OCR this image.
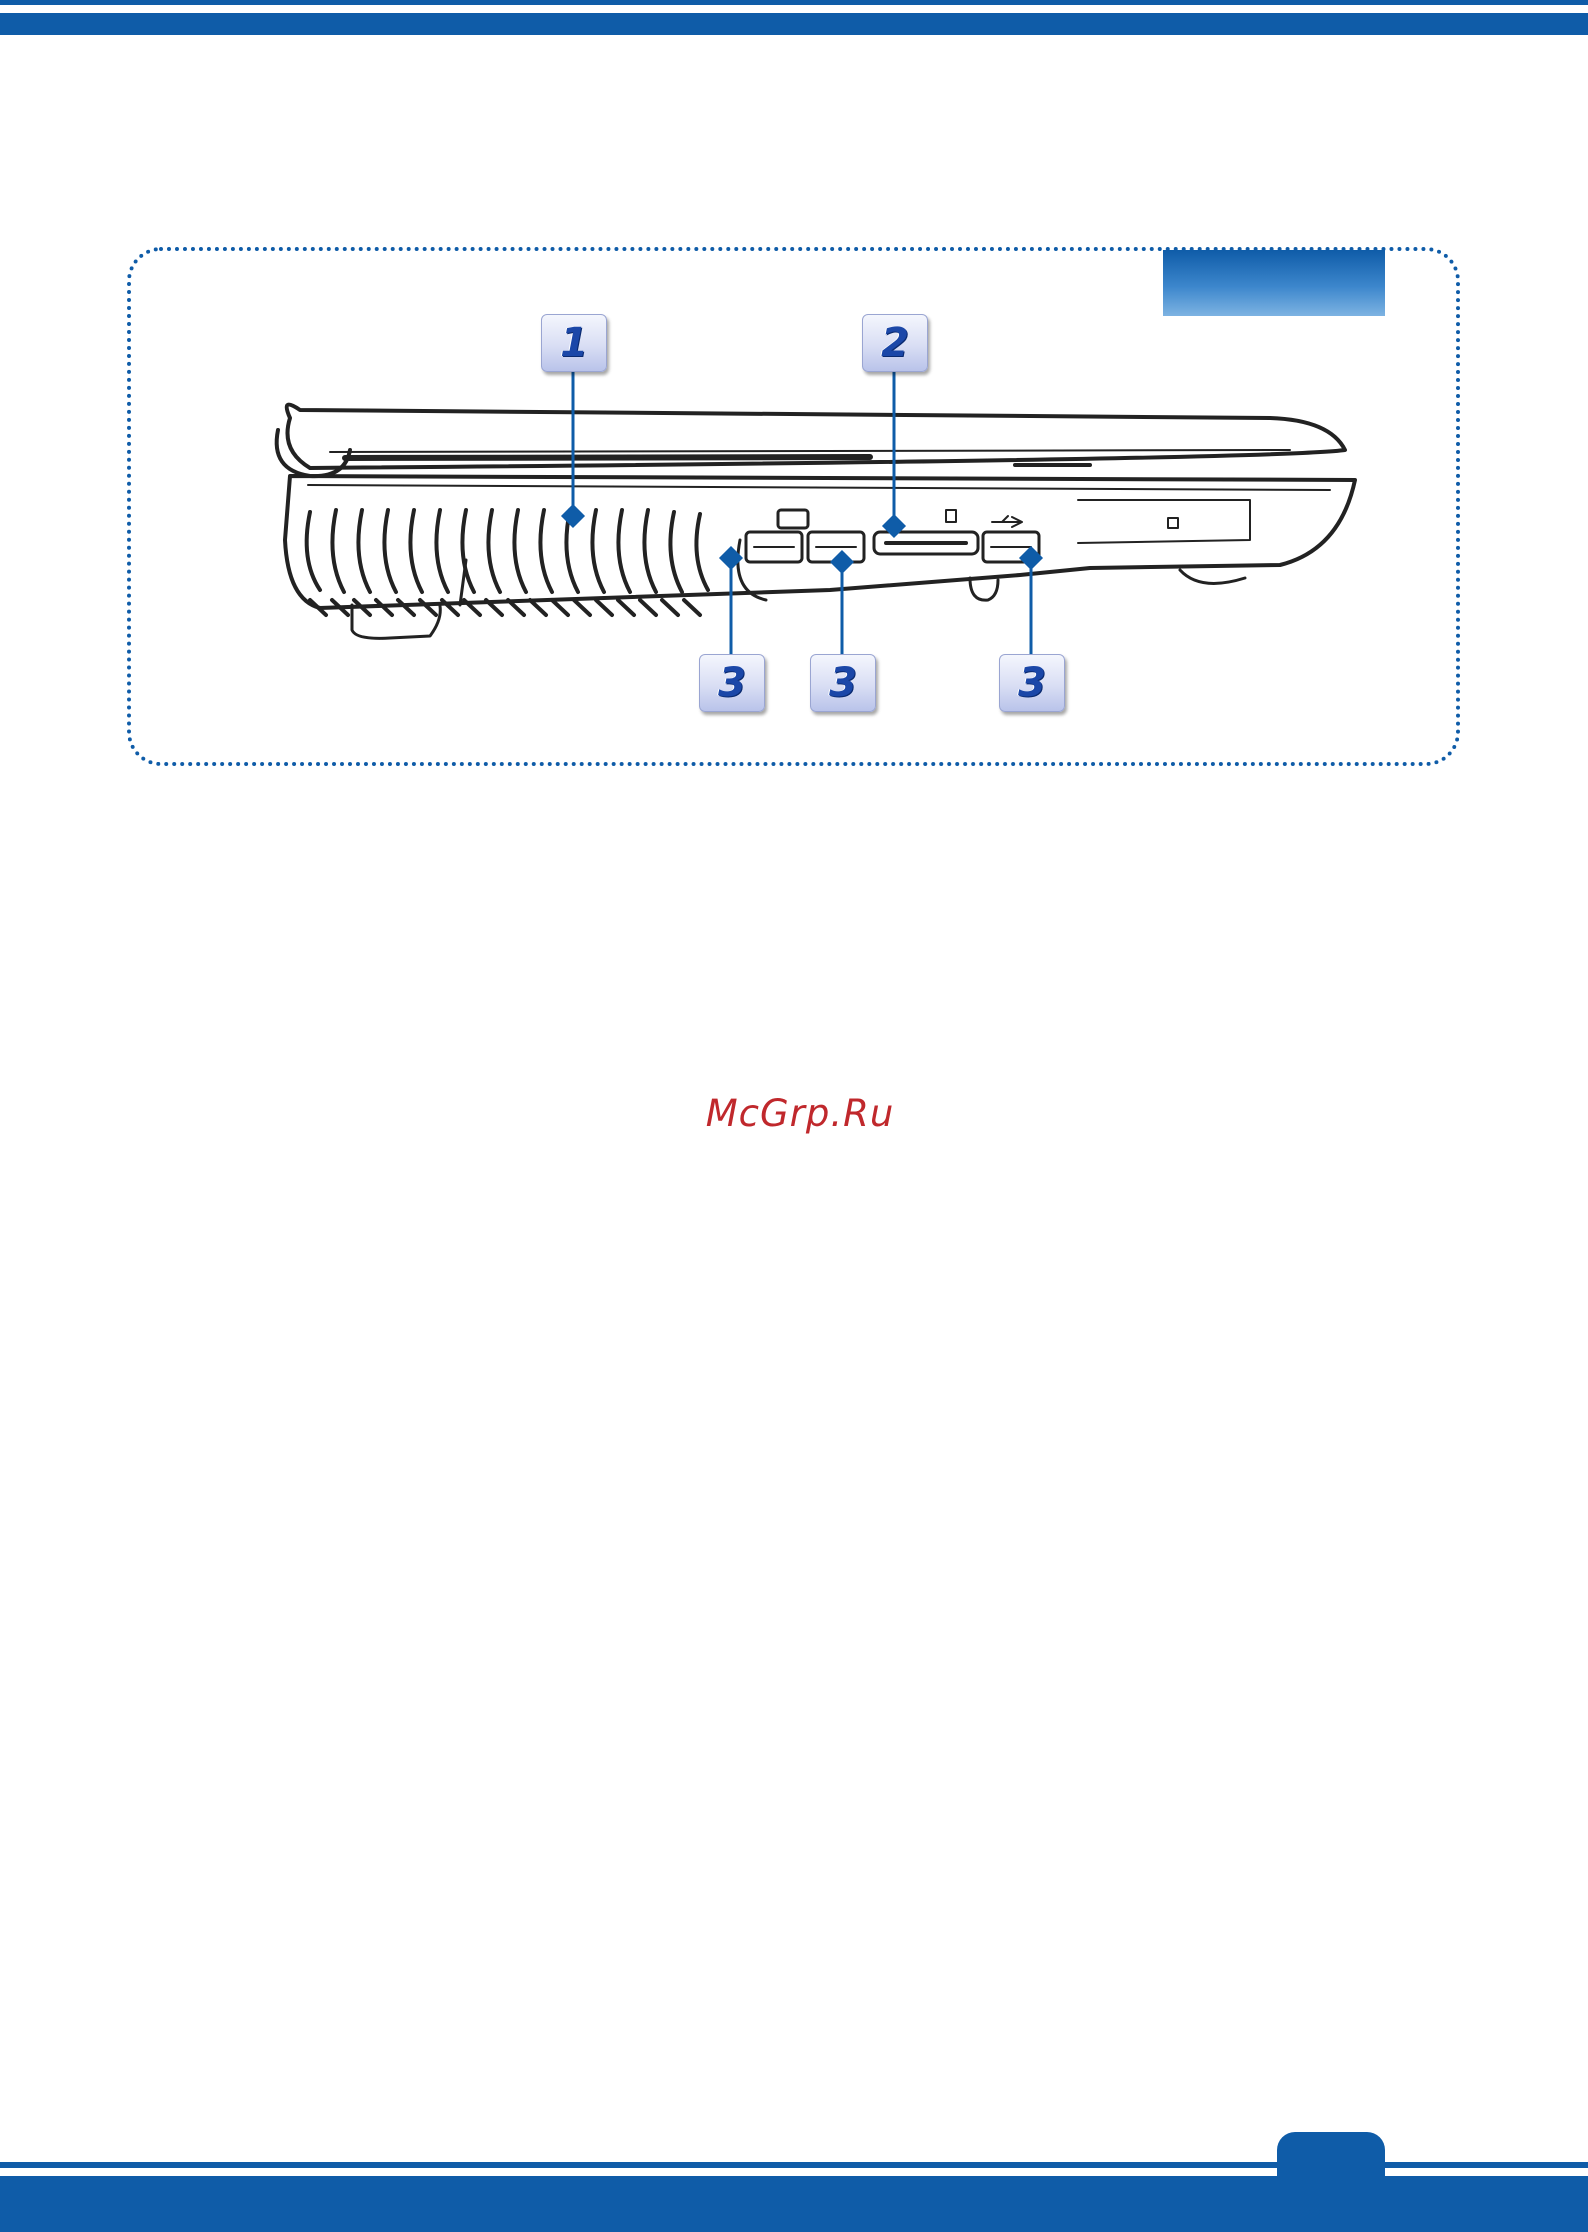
1	2
3	3	3
McGrp.Ru
